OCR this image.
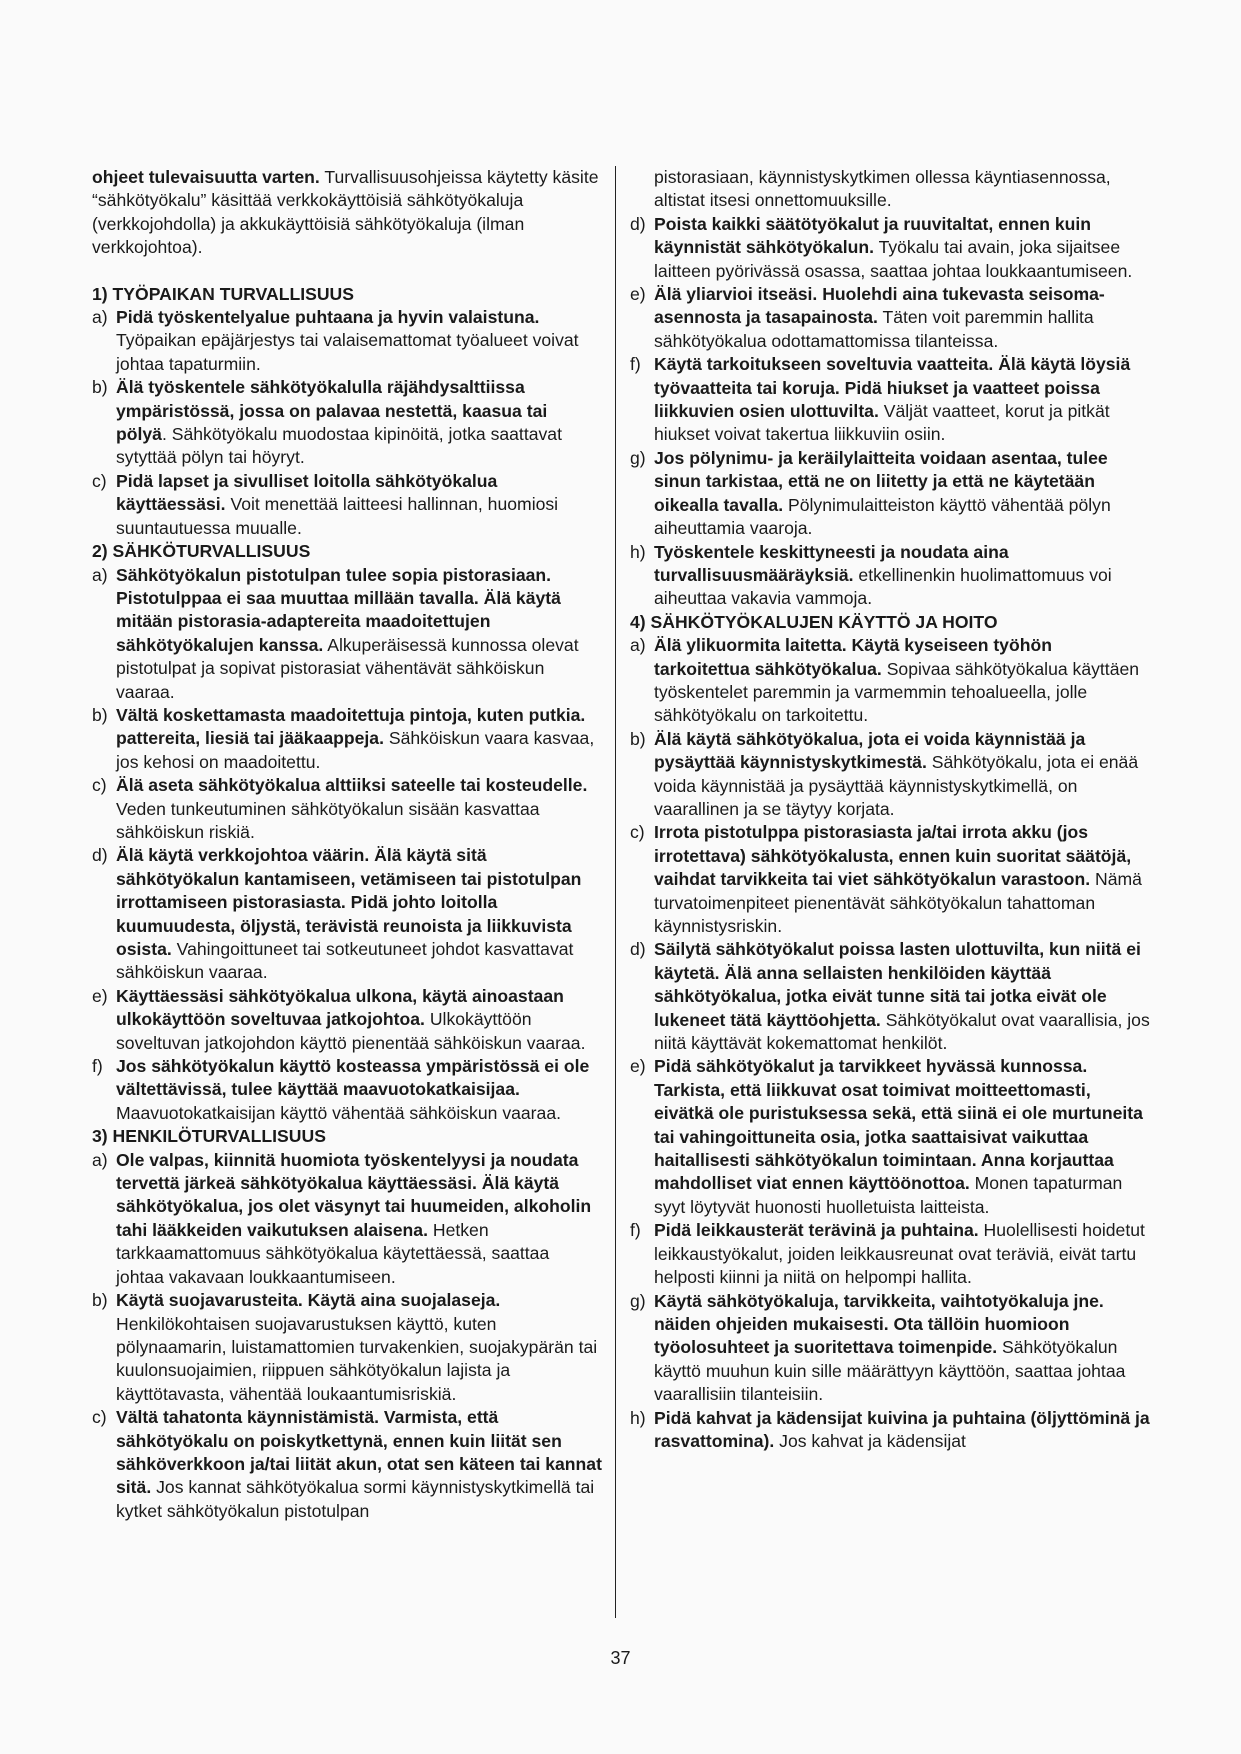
ohjeet tulevaisuutta varten. Turvallisuusohjeissa käytetty käsite “sähkötyökalu” käsittää verkkokäyttöisiä sähkötyökaluja (verkkojohdolla) ja akkukäyttöisiä sähkötyökaluja (ilman verkkojohtoa).

1) TYÖPAIKAN TURVALLISUUS
a) Pidä työskentelyalue puhtaana ja hyvin valaistuna. Työpaikan epäjärjestys tai valaisemattomat työalueet voivat johtaa tapaturmiin.
b) Älä työskentele sähkötyökalulla räjähdysalttiissa ympäristössä, jossa on palavaa nestettä, kaasua tai pölyä. Sähkötyökalu muodostaa kipinöitä, jotka saattavat sytyttää pölyn tai höyryt.
c) Pidä lapset ja sivulliset loitolla sähkötyökalua käyttäessäsi. Voit menettää laitteesi hallinnan, huomiosi suuntautuessa muualle.
2) SÄHKÖTURVALLISUUS
a) Sähkötyökalun pistotulpan tulee sopia pistorasiaan. Pistotulppaa ei saa muuttaa millään tavalla. Älä käytä mitään pistorasia-adaptereita maadoitettujen sähkötyökalujen kanssa. Alkuperäisessä kunnossa olevat pistotulpat ja sopivat pistorasiat vähentävät sähköiskun vaaraa.
b) Vältä koskettamasta maadoitettuja pintoja, kuten putkia. pattereita, liesiä tai jääkaappeja. Sähköiskun vaara kasvaa, jos kehosi on maadoitettu.
c) Älä aseta sähkötyökalua alttiiksi sateelle tai kosteudelle. Veden tunkeutuminen sähkötyökalun sisään kasvattaa sähköiskun riskiä.
d) Älä käytä verkkojohtoa väärin. Älä käytä sitä sähkötyökalun kantamiseen, vetämiseen tai pistotulpan irrottamiseen pistorasiasta. Pidä johto loitolla kuumuudesta, öljystä, terävistä reunoista ja liikkuvista osista. Vahingoittuneet tai sotkeutuneet johdot kasvattavat sähköiskun vaaraa.
e) Käyttäessäsi sähkötyökalua ulkona, käytä ainoastaan ulkokäyttöön soveltuvaa jatkojohtoa. Ulkokäyttöön soveltuvan jatkojohdon käyttö pienentää sähköiskun vaaraa.
f) Jos sähkötyökalun käyttö kosteassa ympäristössä ei ole vältettävissä, tulee käyttää maavuotokatkaisijaa. Maavuotokatkaisijan käyttö vähentää sähköiskun vaaraa.
3) HENKILÖTURVALLISUUS
a) Ole valpas, kiinnitä huomiota työskentelyysi ja noudata tervettä järkeä sähkötyökalua käyttäessäsi. Älä käytä sähkötyökalua, jos olet väsynyt tai huumeiden, alkoholin tahi lääkkeiden vaikutuksen alaisena. Hetken tarkkaamattomuus sähkötyökalua käytettäessä, saattaa johtaa vakavaan loukkaantumiseen.
b) Käytä suojavarusteita. Käytä aina suojalaseja. Henkilökohtaisen suojavarustuksen käyttö, kuten pölynaamarin, luistamattomien turvakenkien, suojakypärän tai kuulonsuojaimien, riippuen sähkötyökalun lajista ja käyttötavasta, vähentää loukaantumisriskiä.
c) Vältä tahatonta käynnistämistä. Varmista, että sähkötyökalu on poiskytkettynä, ennen kuin liität sen sähköverkkoon ja/tai liität akun, otat sen käteen tai kannat sitä. Jos kannat sähkötyökalua sormi käynnistyskytkimellä tai kytket sähkötyökalun pistotulpan
pistorasiaan, käynnistyskytkimen ollessa käyntiasennossa, altistat itsesi onnettomuuksille.
d) Poista kaikki säätötyökalut ja ruuvitaltat, ennen kuin käynnistät sähkötyökalun. Työkalu tai avain, joka sijaitsee laitteen pyörivässä osassa, saattaa johtaa loukkaantumiseen.
e) Älä yliarvioi itseäsi. Huolehdi aina tukevasta seisoma-asennosta ja tasapainosta. Täten voit paremmin hallita sähkötyökalua odottamattomissa tilanteissa.
f) Käytä tarkoitukseen soveltuvia vaatteita. Älä käytä löysiä työvaatteita tai koruja. Pidä hiukset ja vaatteet poissa liikkuvien osien ulottuvilta. Väljät vaatteet, korut ja pitkät hiukset voivat takertua liikkuviin osiin.
g) Jos pölynimu- ja keräilylaitteita voidaan asentaa, tulee sinun tarkistaa, että ne on liitetty ja että ne käytetään oikealla tavalla. Pölynimulaitteiston käyttö vähentää pölyn aiheuttamia vaaroja.
h) Työskentele keskittyneesti ja noudata aina turvallisuusmääräyksiä. etkellinenkin huolimattomuus voi aiheuttaa vakavia vammoja.
4) SÄHKÖTYÖKALUJEN KÄYTTÖ JA HOITO
a) Älä ylikuormita laitetta. Käytä kyseiseen työhön tarkoitettua sähkötyökalua. Sopivaa sähkötyökalua käyttäen työskentelet paremmin ja varmemmin tehoalueella, jolle sähkötyökalu on tarkoitettu.
b) Älä käytä sähkötyökalua, jota ei voida käynnistää ja pysäyttää käynnistyskytkimestä. Sähkötyökalu, jota ei enää voida käynnistää ja pysäyttää käynnistyskytkimellä, on vaarallinen ja se täytyy korjata.
c) Irrota pistotulppa pistorasiasta ja/tai irrota akku (jos irrotettava) sähkötyökalusta, ennen kuin suoritat säätöjä, vaihdat tarvikkeita tai viet sähkötyökalun varastoon. Nämä turvatoimenpiteet pienentävät sähkötyökalun tahattoman käynnistysriskin.
d) Säilytä sähkötyökalut poissa lasten ulottuvilta, kun niitä ei käytetä. Älä anna sellaisten henkilöiden käyttää sähkötyökalua, jotka eivät tunne sitä tai jotka eivät ole lukeneet tätä käyttöohjetta. Sähkötyökalut ovat vaarallisia, jos niitä käyttävät kokemattomat henkilöt.
e) Pidä sähkötyökalut ja tarvikkeet hyvässä kunnossa. Tarkista, että liikkuvat osat toimivat moitteettomasti, eivätkä ole puristuksessa sekä, että siinä ei ole murtuneita tai vahingoittuneita osia, jotka saattaisivat vaikuttaa haitallisesti sähkötyökalun toimintaan. Anna korjauttaa mahdolliset viat ennen käyttöönottoa. Monen tapaturman syyt löytyvät huonosti huolletuista laitteista.
f) Pidä leikkausterät terävinä ja puhtaina. Huolellisesti hoidetut leikkaustyökalut, joiden leikkausreunat ovat teräviä, eivät tartu helposti kiinni ja niitä on helpompi hallita.
g) Käytä sähkötyökaluja, tarvikkeita, vaihtotyökaluja jne. näiden ohjeiden mukaisesti. Ota tällöin huomioon työolosuhteet ja suoritettava toimenpide. Sähkötyökalun käyttö muuhun kuin sille määrättyyn käyttöön, saattaa johtaa vaarallisiin tilanteisiin.
h) Pidä kahvat ja kädensijat kuivina ja puhtaina (öljyttöminä ja rasvattomina). Jos kahvat ja kädensijat
37
